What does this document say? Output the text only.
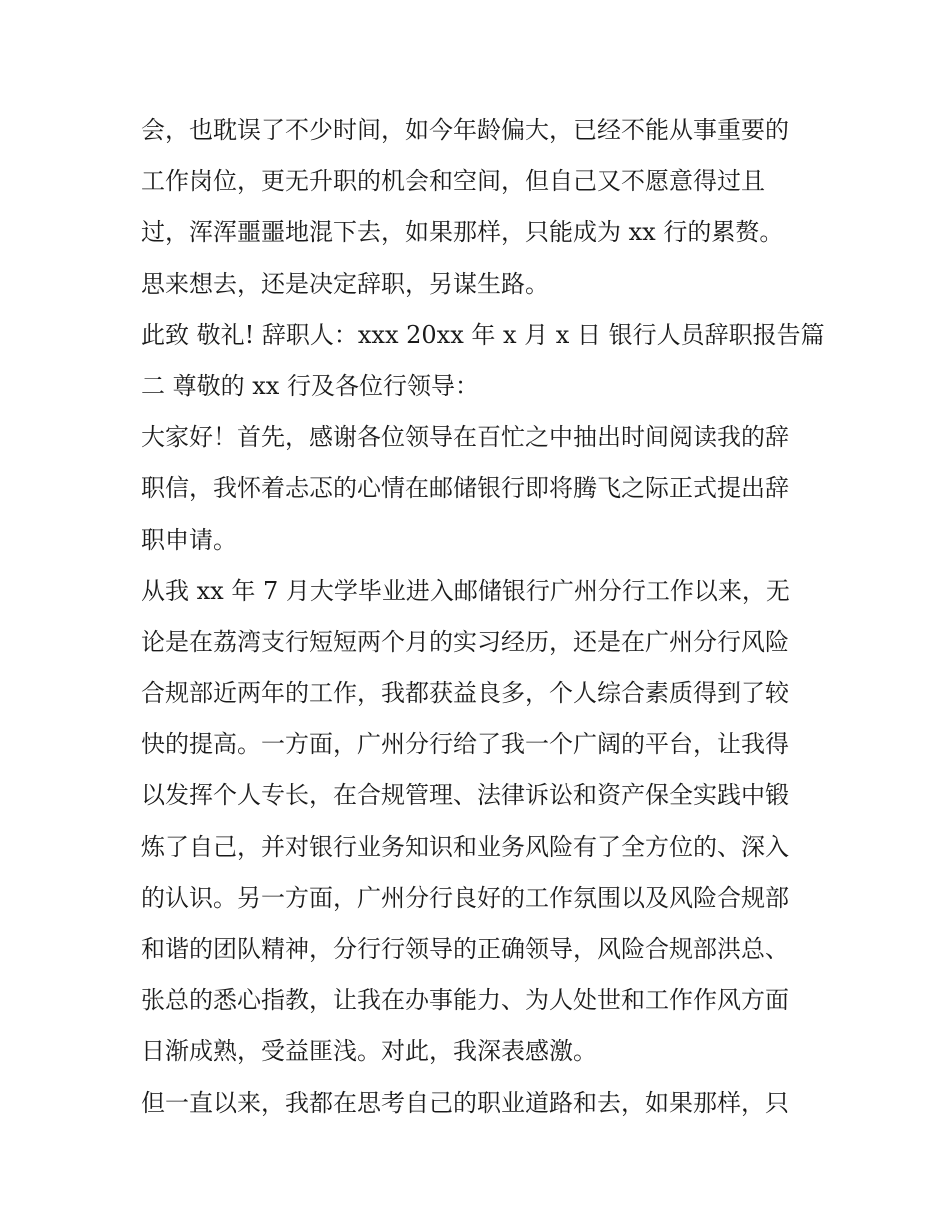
会，也耽误了不少时间，如今年龄偏大，已经不能从事重要的
工作岗位，更无升职的机会和空间，但自己又不愿意得过且
过，浑浑噩噩地混下去，如果那样，只能成为 xx 行的累赘。
思来想去，还是决定辞职，另谋生路。
此致 敬礼! 辞职人：xxx 20xx 年 x 月 x 日 银行人员辞职报告篇
二 尊敬的 xx 行及各位行领导：
大家好！首先，感谢各位领导在百忙之中抽出时间阅读我的辞
职信，我怀着忐忑的心情在邮储银行即将腾飞之际正式提出辞
职申请。
从我 xx 年 7 月大学毕业进入邮储银行广州分行工作以来，无
论是在荔湾支行短短两个月的实习经历，还是在广州分行风险
合规部近两年的工作，我都获益良多，个人综合素质得到了较
快的提高。一方面，广州分行给了我一个广阔的平台，让我得
以发挥个人专长，在合规管理、法律诉讼和资产保全实践中锻
炼了自己，并对银行业务知识和业务风险有了全方位的、深入
的认识。另一方面，广州分行良好的工作氛围以及风险合规部
和谐的团队精神，分行行领导的正确领导，风险合规部洪总、
张总的悉心指教，让我在办事能力、为人处世和工作作风方面
日渐成熟，受益匪浅。对此，我深表感激。
但一直以来，我都在思考自己的职业道路和去，如果那样，只
